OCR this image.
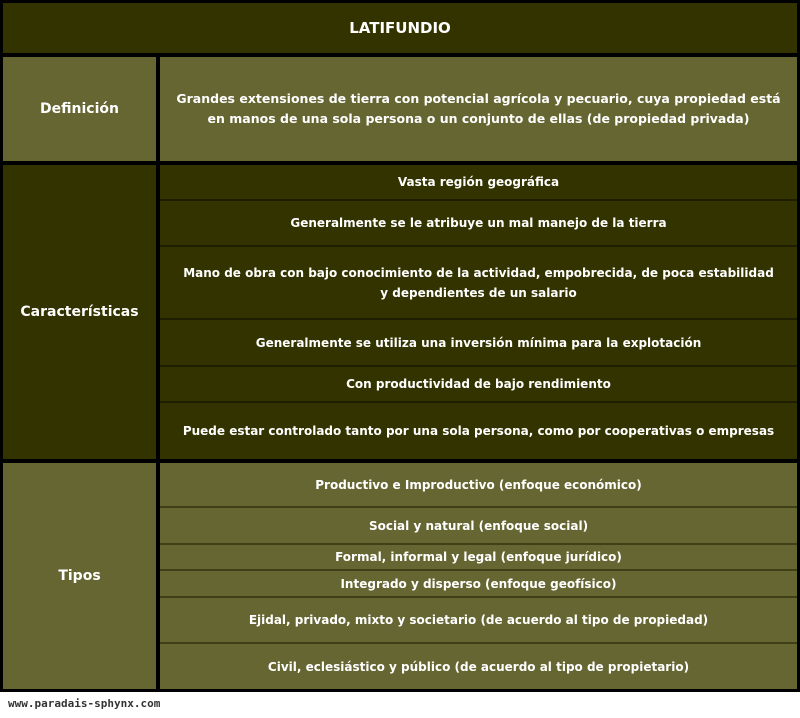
LATIFUNDIO
Definición
Grandes extensiones de tierra con potencial agrícola y pecuario, cuya propiedad está en manos de una sola persona o un conjunto de ellas (de propiedad privada)
Características
Vasta región geográfica
Generalmente se le atribuye un mal manejo de la tierra
Mano de obra con bajo conocimiento de la actividad, empobrecida, de poca estabilidad y dependientes de un salario
Generalmente se utiliza una inversión mínima para la explotación
Con productividad de bajo rendimiento
Puede estar controlado tanto por una sola persona, como por cooperativas o empresas
Tipos
Productivo e Improductivo (enfoque económico)
Social y natural (enfoque social)
Formal, informal y legal (enfoque jurídico)
Integrado y disperso (enfoque geofísico)
Ejidal, privado, mixto y societario (de acuerdo al tipo de propiedad)
Civil, eclesiástico y público (de acuerdo al tipo de propietario)
www.paradais-sphynx.com
